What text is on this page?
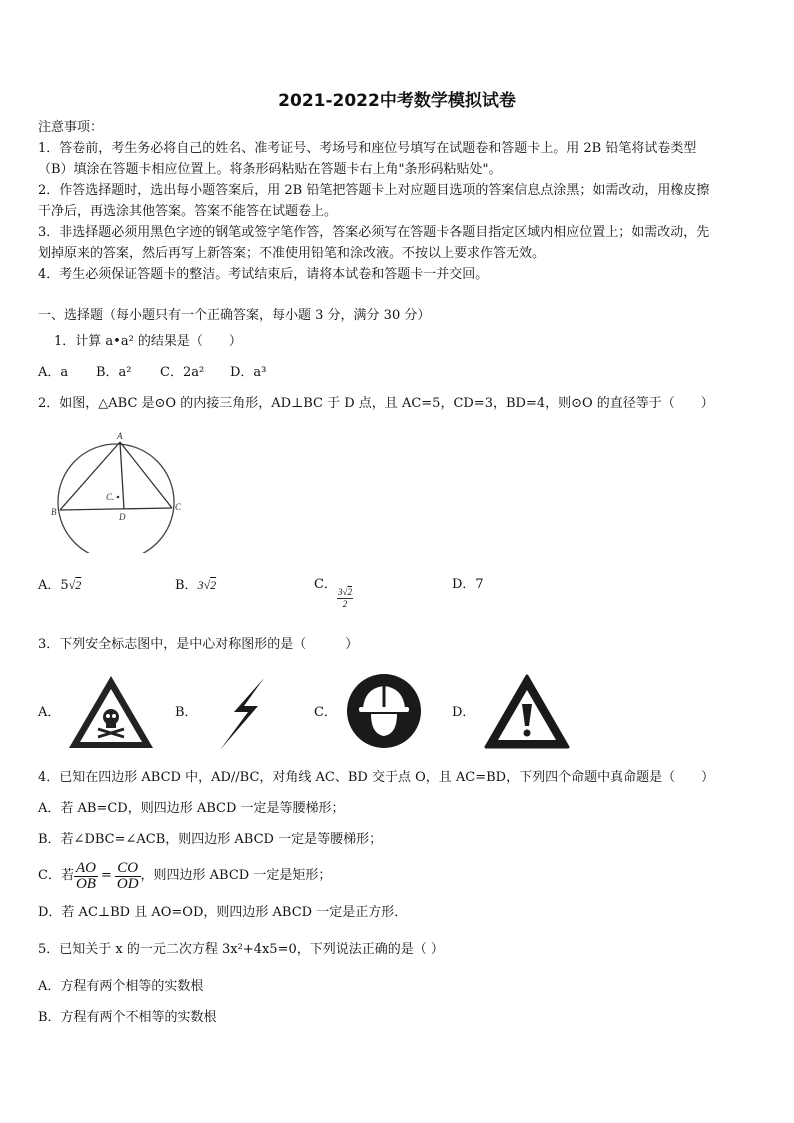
2021-2022中考数学模拟试卷
注意事项：
1．答卷前，考生务必将自己的姓名、准考证号、考场号和座位号填写在试题卷和答题卡上。用 2B 铅笔将试卷类型
（B）填涂在答题卡相应位置上。将条形码粘贴在答题卡右上角"条形码粘贴处"。
2．作答选择题时，选出每小题答案后，用 2B 铅笔把答题卡上对应题目选项的答案信息点涂黑；如需改动，用橡皮擦
干净后，再选涂其他答案。答案不能答在试题卷上。
3．非选择题必须用黑色字迹的钢笔或签字笔作答，答案必须写在答题卡各题目指定区域内相应位置上；如需改动，先
划掉原来的答案，然后再写上新答案；不准使用铅笔和涂改液。不按以上要求作答无效。
4．考生必须保证答题卡的整洁。考试结束后，请将本试卷和答题卡一并交回。
一、选择题（每小题只有一个正确答案，每小题 3 分，满分 30 分）
1．计算 a•a² 的结果是（　　）
A．a B．a² C．2a² D．a³
2．如图，△ABC 是⊙O 的内接三角形，AD⊥BC 于 D 点，且 AC=5，CD=3，BD=4，则⊙O 的直径等于（　　）
A
B	C
D
C.
A．5√2	B．3√2	C． 3√2
2
D．7
3．下列安全标志图中，是中心对称图形的是（　　　）
A．	B．	C．	D．
4．已知在四边形 ABCD 中，AD//BC，对角线 AC、BD 交于点 O，且 AC=BD，下列四个命题中真命题是（　　）
A．若 AB=CD，则四边形 ABCD 一定是等腰梯形；
B．若∠DBC=∠ACB，则四边形 ABCD 一定是等腰梯形；
C．若 $\frac{AO}{OB} = \frac{CO}{OD}$ ，则四边形 ABCD 一定是矩形；
D．若 AC⊥BD 且 AO=OD，则四边形 ABCD 一定是正方形．
5．已知关于 x 的一元二次方程 3x²+4x5=0，下列说法正确的是（ ）
A．方程有两个相等的实数根
B．方程有两个不相等的实数根
